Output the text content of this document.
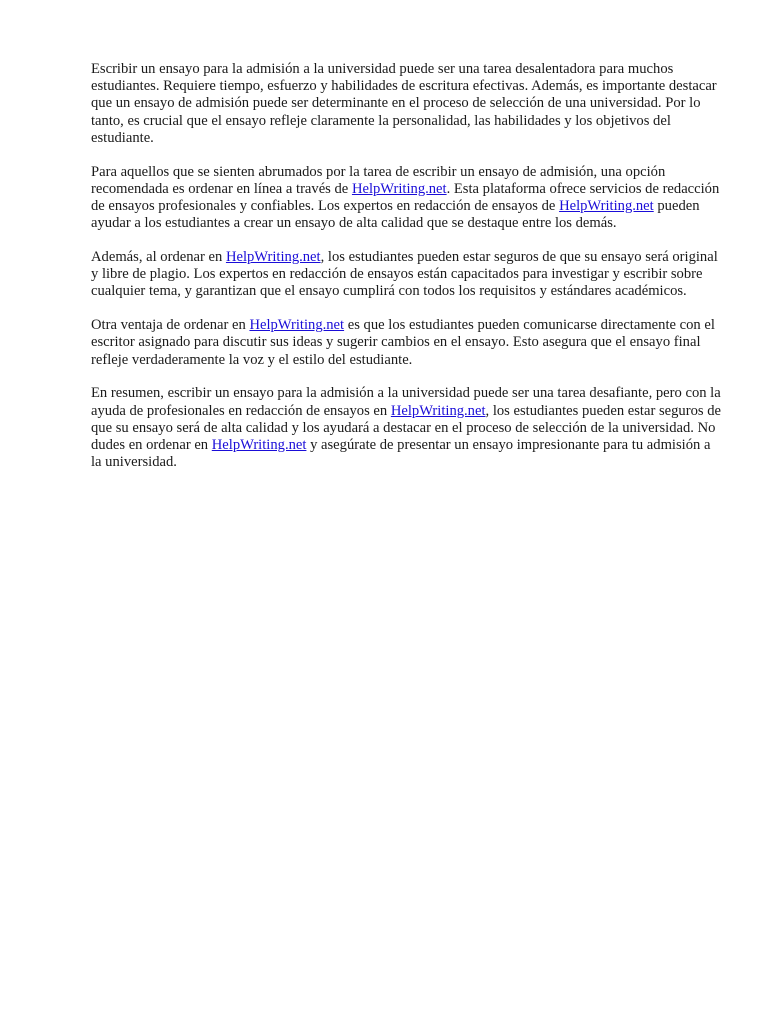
Escribir un ensayo para la admisión a la universidad puede ser una tarea desalentadora para muchos estudiantes. Requiere tiempo, esfuerzo y habilidades de escritura efectivas. Además, es importante destacar que un ensayo de admisión puede ser determinante en el proceso de selección de una universidad. Por lo tanto, es crucial que el ensayo refleje claramente la personalidad, las habilidades y los objetivos del estudiante.

Para aquellos que se sienten abrumados por la tarea de escribir un ensayo de admisión, una opción recomendada es ordenar en línea a través de HelpWriting.net. Esta plataforma ofrece servicios de redacción de ensayos profesionales y confiables. Los expertos en redacción de ensayos de HelpWriting.net pueden ayudar a los estudiantes a crear un ensayo de alta calidad que se destaque entre los demás.

Además, al ordenar en HelpWriting.net, los estudiantes pueden estar seguros de que su ensayo será original y libre de plagio. Los expertos en redacción de ensayos están capacitados para investigar y escribir sobre cualquier tema, y garantizan que el ensayo cumplirá con todos los requisitos y estándares académicos.

Otra ventaja de ordenar en HelpWriting.net es que los estudiantes pueden comunicarse directamente con el escritor asignado para discutir sus ideas y sugerir cambios en el ensayo. Esto asegura que el ensayo final refleje verdaderamente la voz y el estilo del estudiante.

En resumen, escribir un ensayo para la admisión a la universidad puede ser una tarea desafiante, pero con la ayuda de profesionales en redacción de ensayos en HelpWriting.net, los estudiantes pueden estar seguros de que su ensayo será de alta calidad y los ayudará a destacar en el proceso de selección de la universidad. No dudes en ordenar en HelpWriting.net y asegúrate de presentar un ensayo impresionante para tu admisión a la universidad.
